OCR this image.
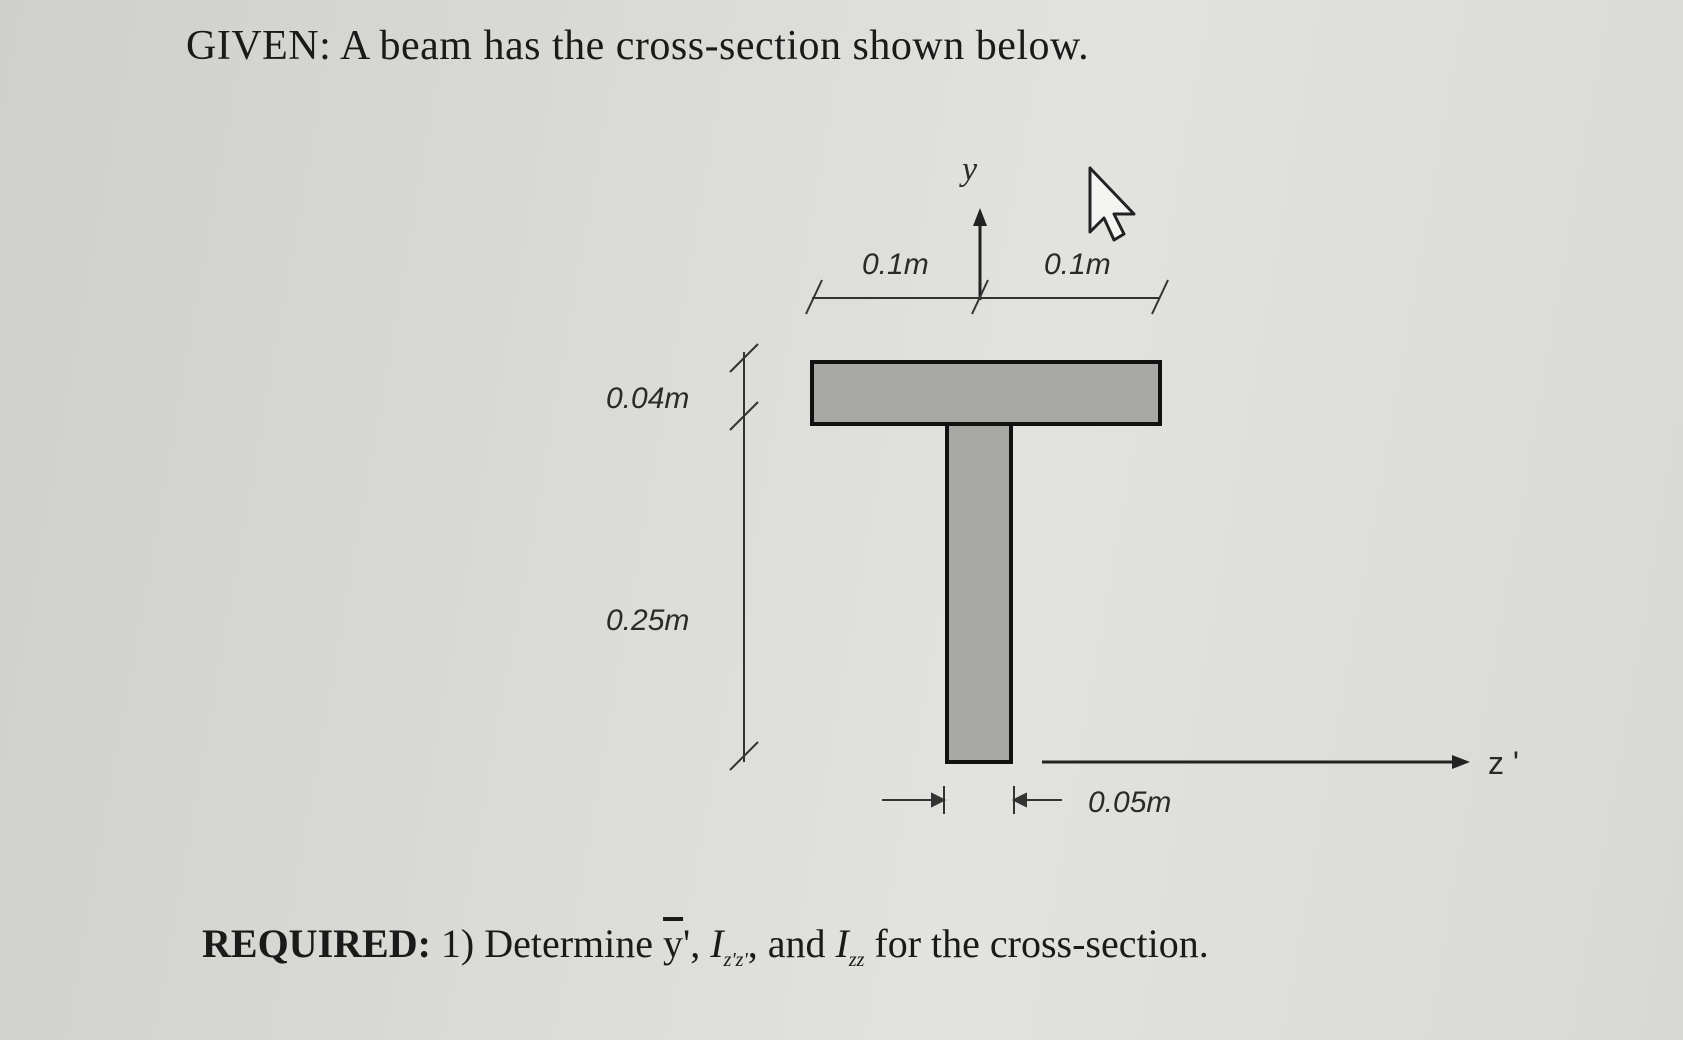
GIVEN: A beam has the cross-section shown below.
y
0.1m	0.1m
0.04m
0.25m
0.05m
z '
REQUIRED: 1) Determine $\overline{y}'$, $I_{z'z'}$, and $I_{zz}$ for the cross-section.
